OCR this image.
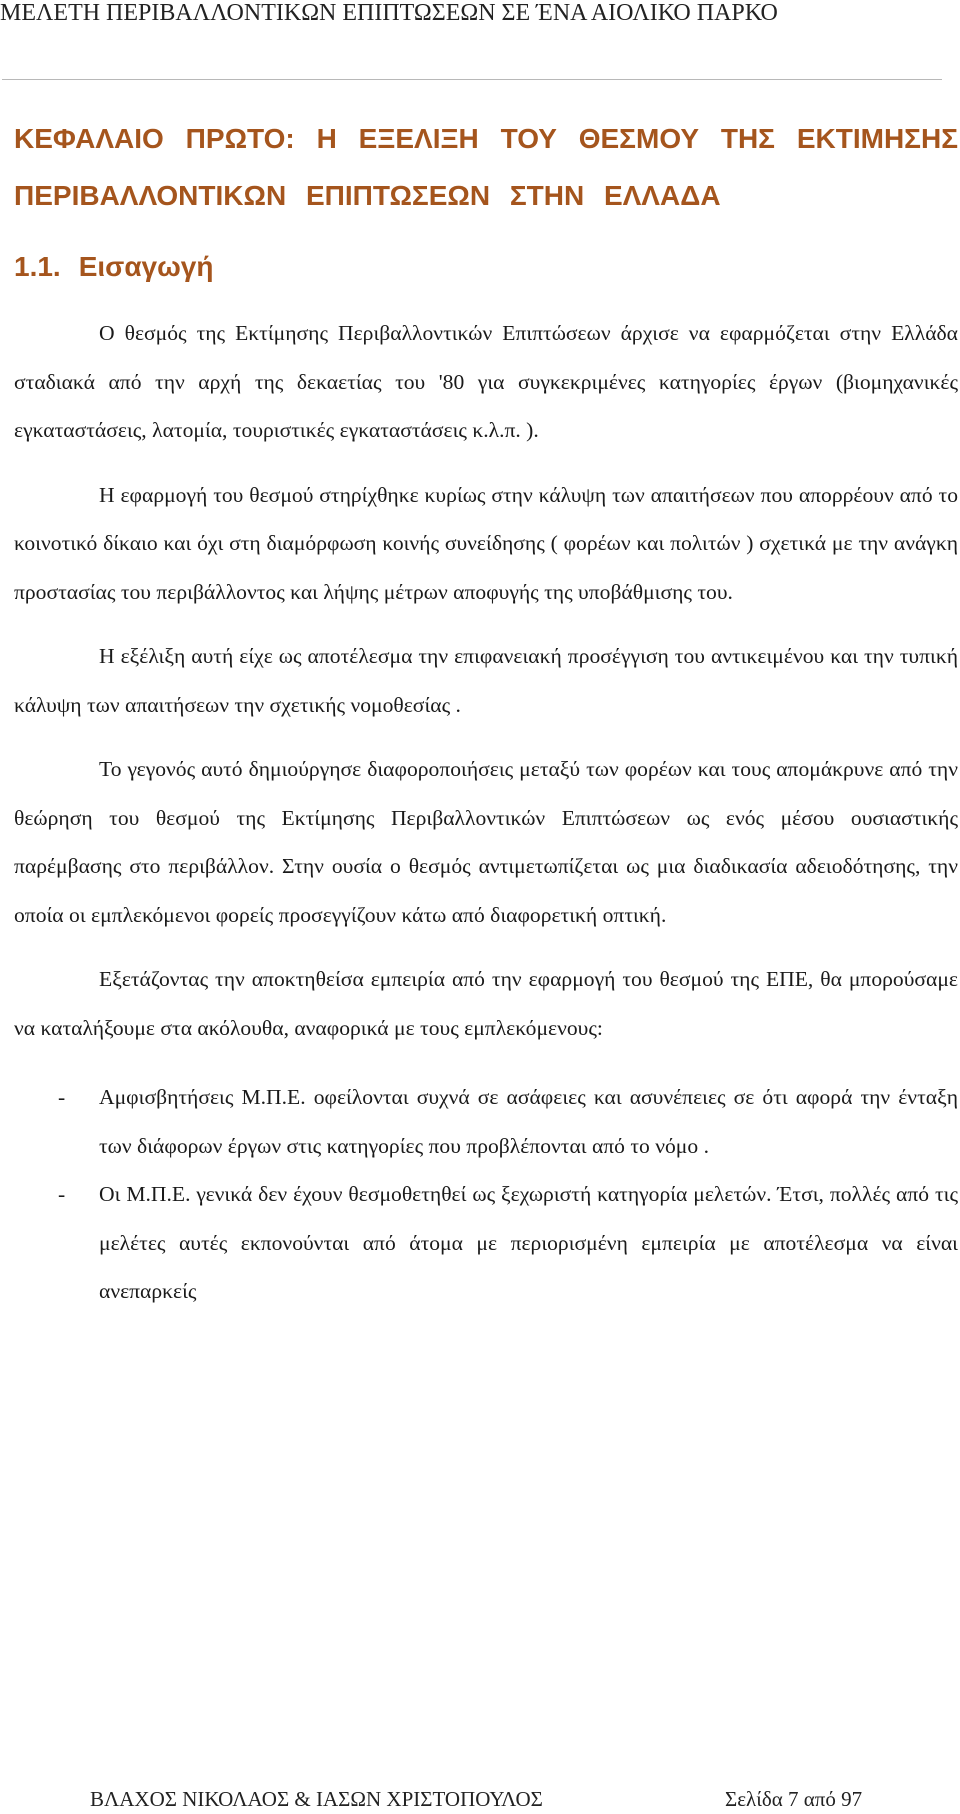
ΜΕΛΕΤΗ ΠΕΡΙΒΑΛΛΟΝΤΙΚΩΝ ΕΠΙΠΤΩΣΕΩΝ ΣΕ ΈΝΑ ΑΙΟΛΙΚΟ ΠΑΡΚΟ
ΚΕΦΑΛΑΙΟ ΠΡΩΤΟ: Η ΕΞΕΛΙΞΗ ΤΟΥ ΘΕΣΜΟΥ ΤΗΣ ΕΚΤΙΜΗΣΗΣ ΠΕΡΙΒΑΛΛΟΝΤΙΚΩΝ ΕΠΙΠΤΩΣΕΩΝ ΣΤΗΝ ΕΛΛΑΔΑ
1.1. Εισαγωγή

Ο θεσμός της Εκτίμησης Περιβαλλοντικών Επιπτώσεων άρχισε να εφαρμόζεται στην Ελλάδα σταδιακά από την αρχή της δεκαετίας του '80 για συγκεκριμένες κατηγορίες έργων (βιομηχανικές εγκαταστάσεις, λατομία, τουριστικές εγκαταστάσεις κ.λ.π. ).

Η εφαρμογή του θεσμού στηρίχθηκε κυρίως στην κάλυψη των απαιτήσεων που απορρέουν από το κοινοτικό δίκαιο και όχι στη διαμόρφωση κοινής συνείδησης ( φορέων και πολιτών ) σχετικά με την ανάγκη προστασίας του περιβάλλοντος και λήψης μέτρων αποφυγής της υποβάθμισης του.

Η εξέλιξη αυτή είχε ως αποτέλεσμα την επιφανειακή προσέγγιση του αντικειμένου και την τυπική κάλυψη των απαιτήσεων την σχετικής νομοθεσίας .

Το γεγονός αυτό δημιούργησε διαφοροποιήσεις μεταξύ των φορέων και τους απομάκρυνε από την θεώρηση του θεσμού της Εκτίμησης Περιβαλλοντικών Επιπτώσεων ως ενός μέσου ουσιαστικής παρέμβασης στο περιβάλλον. Στην ουσία ο θεσμός αντιμετωπίζεται ως μια διαδικασία αδειοδότησης, την οποία οι εμπλεκόμενοι φορείς προσεγγίζουν κάτω από διαφορετική οπτική.

Εξετάζοντας την αποκτηθείσα εμπειρία από την εφαρμογή του θεσμού της ΕΠΕ, θα μπορούσαμε να καταλήξουμε στα ακόλουθα, αναφορικά με τους εμπλεκόμενους:

- Αμφισβητήσεις Μ.Π.Ε. οφείλονται συχνά σε ασάφειες και ασυνέπειες σε ότι αφορά την ένταξη των διάφορων έργων στις κατηγορίες που προβλέπονται από το νόμο .
- Οι Μ.Π.Ε. γενικά δεν έχουν θεσμοθετηθεί ως ξεχωριστή κατηγορία μελετών. Έτσι, πολλές από τις μελέτες αυτές εκπονούνται από άτομα με περιορισμένη εμπειρία με αποτέλεσμα να είναι ανεπαρκείς
ΒΛΑΧΟΣ ΝΙΚΟΛΑΟΣ & ΙΑΣΩΝ ΧΡΙΣΤΟΠΟΥΛΟΣ	Σελίδα 7 από 97
